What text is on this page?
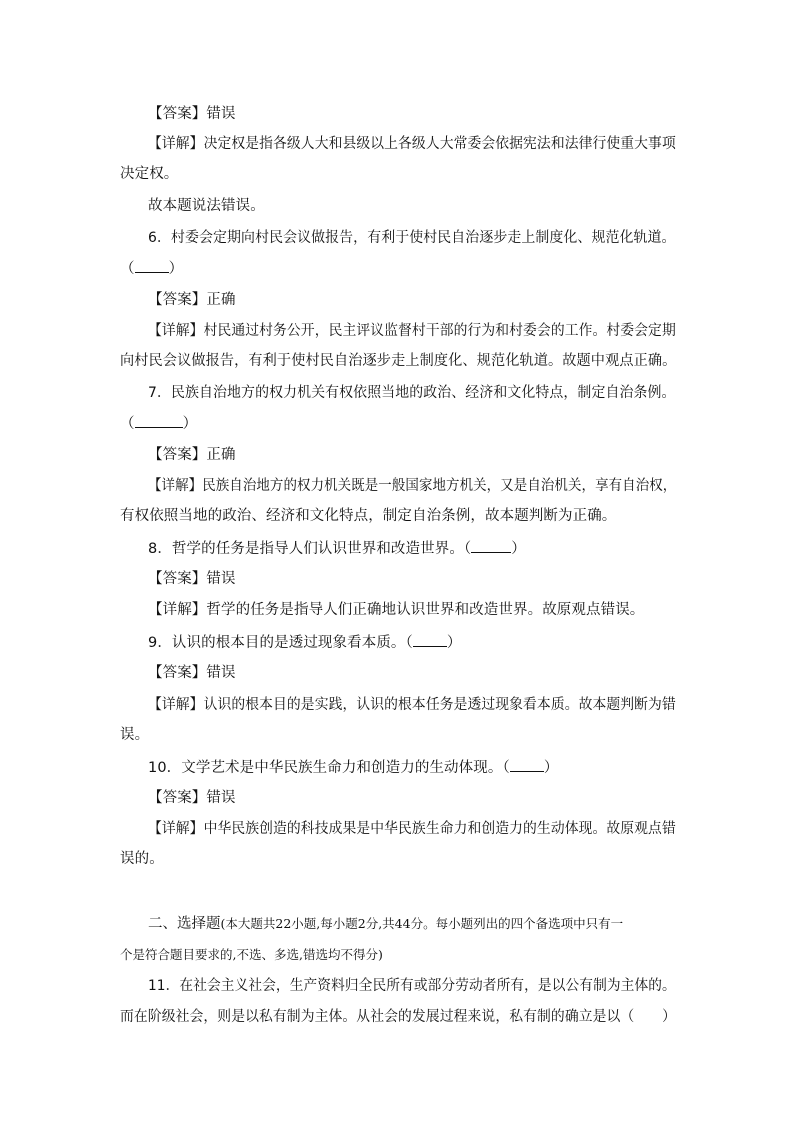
【答案】错误
【详解】决定权是指各级人大和县级以上各级人大常委会依据宪法和法律行使重大事项
决定权。
故本题说法错误。
6．村委会定期向村民会议做报告，有利于使村民自治逐步走上制度化、规范化轨道。
（ ）
【答案】正确
【详解】村民通过村务公开，民主评议监督村干部的行为和村委会的工作。村委会定期
向村民会议做报告，有利于使村民自治逐步走上制度化、规范化轨道。故题中观点正确。
7．民族自治地方的权力机关有权依照当地的政治、经济和文化特点，制定自治条例。
（	）
【答案】正确
【详解】民族自治地方的权力机关既是一般国家地方机关，又是自治机关，享有自治权，
有权依照当地的政治、经济和文化特点，制定自治条例，故本题判断为正确。
8．哲学的任务是指导人们认识世界和改造世界。（	）
【答案】错误
【详解】哲学的任务是指导人们正确地认识世界和改造世界。故原观点错误。
9．认识的根本目的是透过现象看本质。（ ）
【答案】错误
【详解】认识的根本目的是实践，认识的根本任务是透过现象看本质。故本题判断为错
误。
10．文学艺术是中华民族生命力和创造力的生动体现。（ ）
【答案】错误
【详解】中华民族创造的科技成果是中华民族生命力和创造力的生动体现。故原观点错
误的。
二、选择题(本大题共22小题,每小题2分,共44分。每小题列出的四个备选项中只有一
个是符合题目要求的,不选、多选,错选均不得分)
11．在社会主义社会，生产资料归全民所有或部分劳动者所有，是以公有制为主体的。
而在阶级社会，则是以私有制为主体。从社会的发展过程来说，私有制的确立是以（　　）
